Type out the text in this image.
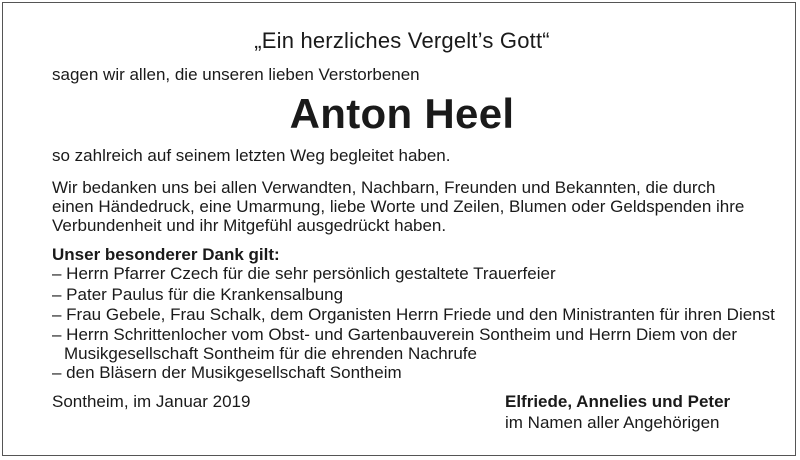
„Ein herzliches Vergelt’s Gott“
sagen wir allen, die unseren lieben Verstorbenen
Anton Heel
so zahlreich auf seinem letzten Weg begleitet haben.
Wir bedanken uns bei allen Verwandten, Nachbarn, Freunden und Bekannten, die durch
einen Händedruck, eine Umarmung, liebe Worte und Zeilen, Blumen oder Geldspenden ihre
Verbundenheit und ihr Mitgefühl ausgedrückt haben.
Unser besonderer Dank gilt:
– Herrn Pfarrer Czech für die sehr persönlich gestaltete Trauerfeier
– Pater Paulus für die Krankensalbung
– Frau Gebele, Frau Schalk, dem Organisten Herrn Friede und den Ministranten für ihren Dienst
– Herrn Schrittenlocher vom Obst- und Gartenbauverein Sontheim und Herrn Diem von der
Musikgesellschaft Sontheim für die ehrenden Nachrufe
– den Bläsern der Musikgesellschaft Sontheim
Sontheim, im Januar 2019	Elfriede, Annelies und Peter
im Namen aller Angehörigen
